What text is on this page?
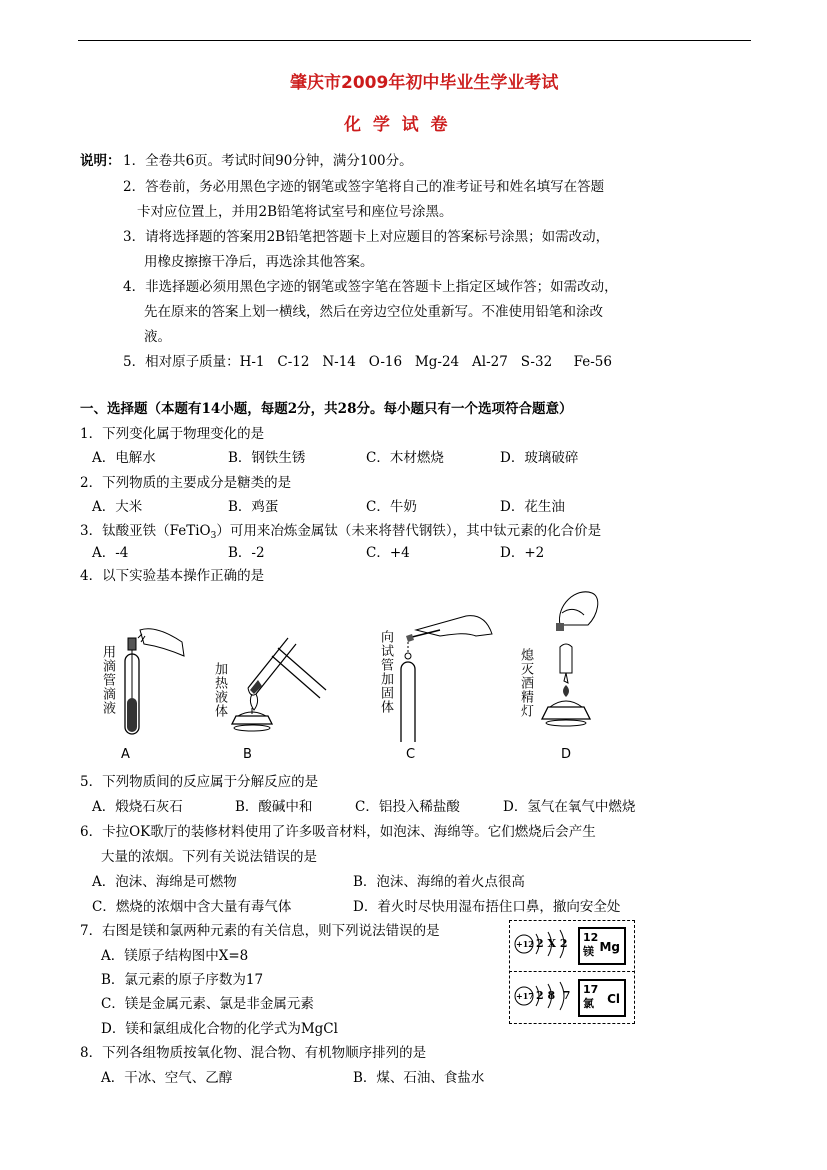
肇庆市2009年初中毕业生学业考试
化  学  试  卷
说明： 1．全卷共6页。考试时间90分钟，满分100分。
2．答卷前，务必用黑色字迹的钢笔或签字笔将自己的准考证号和姓名填写在答题
卡对应位置上，并用2B铅笔将试室号和座位号涂黑。
3．请将选择题的答案用2B铅笔把答题卡上对应题目的答案标号涂黑；如需改动，
用橡皮擦擦干净后，再选涂其他答案。
4．非选择题必须用黑色字迹的钢笔或签字笔在答题卡上指定区域作答；如需改动，
先在原来的答案上划一横线，然后在旁边空位处重新写。不准使用铅笔和涂改
液。
5．相对原子质量：H-1   C-12   N-14   O-16   Mg-24   Al-27   S-32     Fe-56
一、选择题（本题有14小题，每题2分，共28分。每小题只有一个选项符合题意）
1．下列变化属于物理变化的是
A．电解水	B．钢铁生锈	C．木材燃烧	D．玻璃破碎
2．下列物质的主要成分是糖类的是
A．大米	B．鸡蛋	C．牛奶	D．花生油
3．钛酸亚铁（FeTiO$_3$）可用来冶炼金属钛（未来将替代钢铁），其中钛元素的化合价是
A．-4	B．-2	C．+4	D．+2
4．以下实验基本操作正确的是
用滴管滴液
A
加热液体
B
向试管加固体
C
熄灭酒精灯
D
5．下列物质间的反应属于分解反应的是
A．煅烧石灰石	B．酸碱中和	C．铝投入稀盐酸	D．氢气在氧气中燃烧
6．卡拉OK歌厅的装修材料使用了许多吸音材料，如泡沫、海绵等。它们燃烧后会产生
大量的浓烟。下列有关说法错误的是
A．泡沫、海绵是可燃物	B．泡沫、海绵的着火点很高
C．燃烧的浓烟中含大量有毒气体	D．着火时尽快用湿布捂住口鼻，撤向安全处
7．右图是镁和氯两种元素的有关信息，则下列说法错误的是
A．镁原子结构图中X=8
B．氯元素的原子序数为17
C．镁是金属元素、氯是非金属元素
D．镁和氯组成化合物的化学式为MgCl
+12 2 X 2 12
Mg
镁
+17 2 8  7 17
Cl
氯
8．下列各组物质按氧化物、混合物、有机物顺序排列的是
A．干冰、空气、乙醇	B．煤、石油、食盐水
